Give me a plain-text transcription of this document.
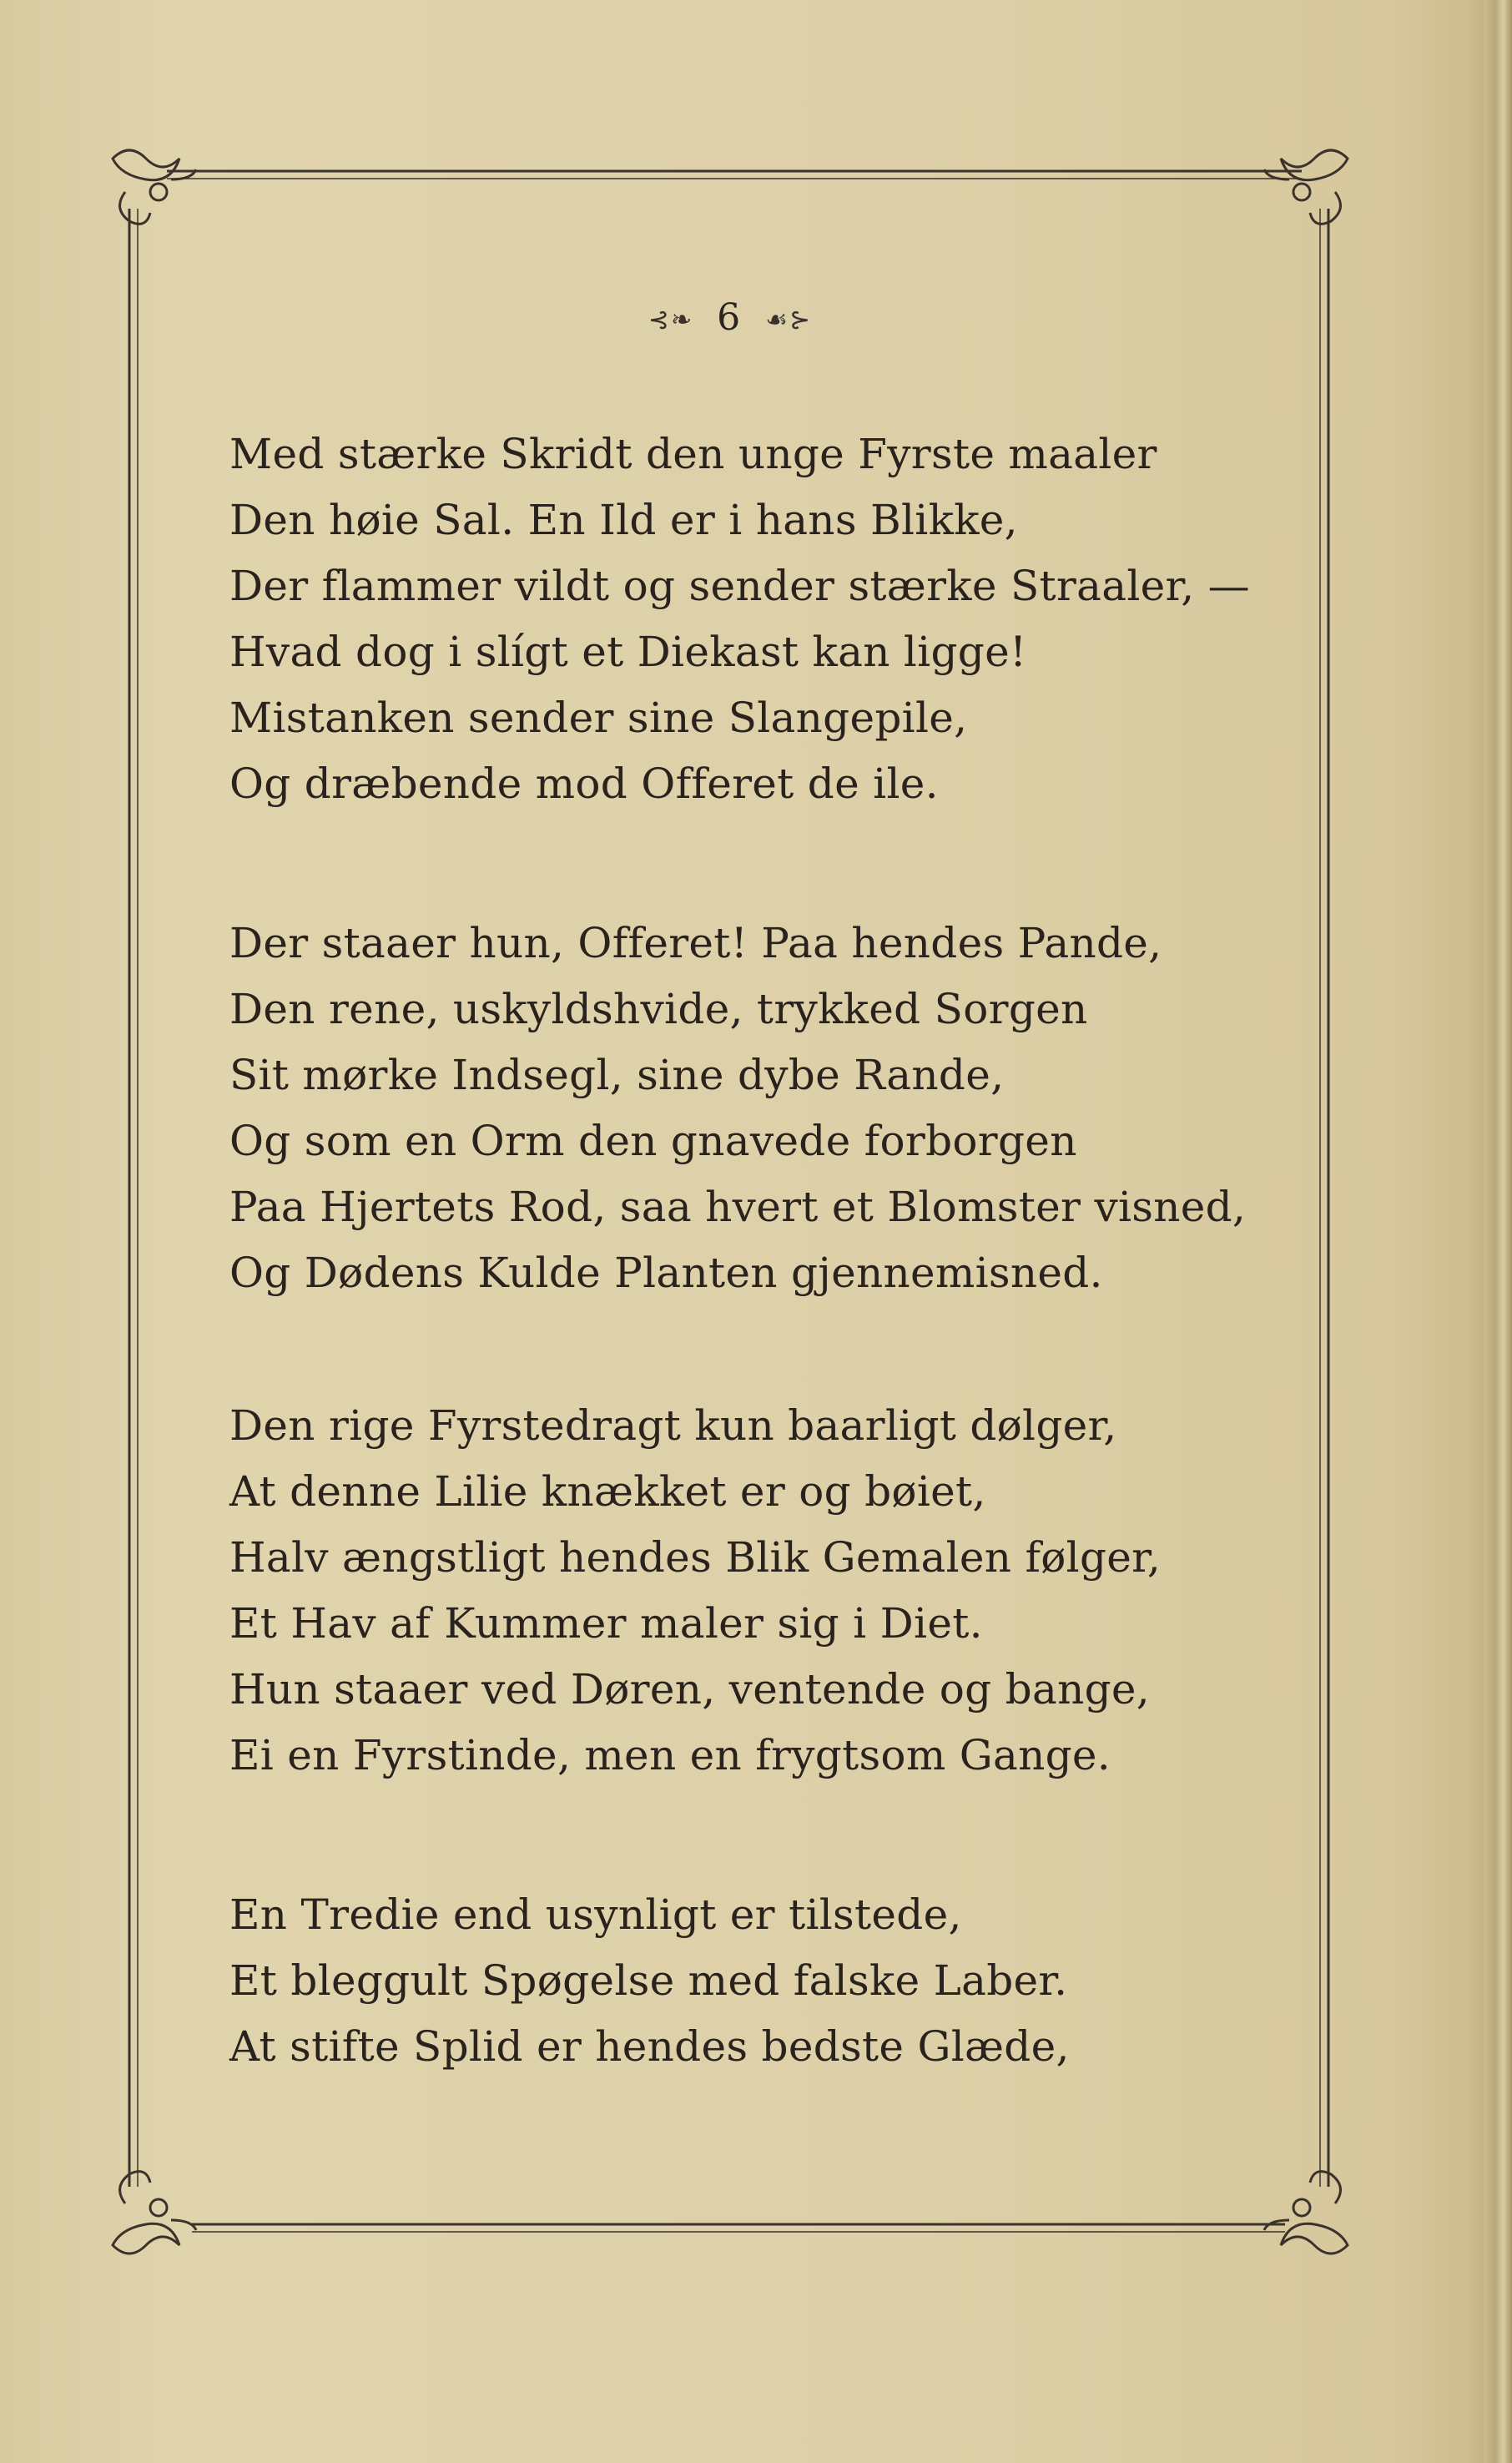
⊰❧ 6 ☙⊱
Med stærke Skridt den unge Fyrste maaler
Den høie Sal. En Ild er i hans Blikke,
Der flammer vildt og sender stærke Straaler, —
Hvad dog i slígt et Diekast kan ligge!
Mistanken sender sine Slangepile,
Og dræbende mod Offeret de ile.
Der staaer hun, Offeret! Paa hendes Pande,
Den rene, uskyldshvide, trykked Sorgen
Sit mørke Indsegl, sine dybe Rande,
Og som en Orm den gnavede forborgen
Paa Hjertets Rod, saa hvert et Blomster visned,
Og Dødens Kulde Planten gjennemisned.
Den rige Fyrstedragt kun baarligt dølger,
At denne Lilie knækket er og bøiet,
Halv ængstligt hendes Blik Gemalen følger,
Et Hav af Kummer maler sig i Diet.
Hun staaer ved Døren, ventende og bange,
Ei en Fyrstinde, men en frygtsom Gange.
En Tredie end usynligt er tilstede,
Et bleggult Spøgelse med falske Laber.
At stifte Splid er hendes bedste Glæde,
